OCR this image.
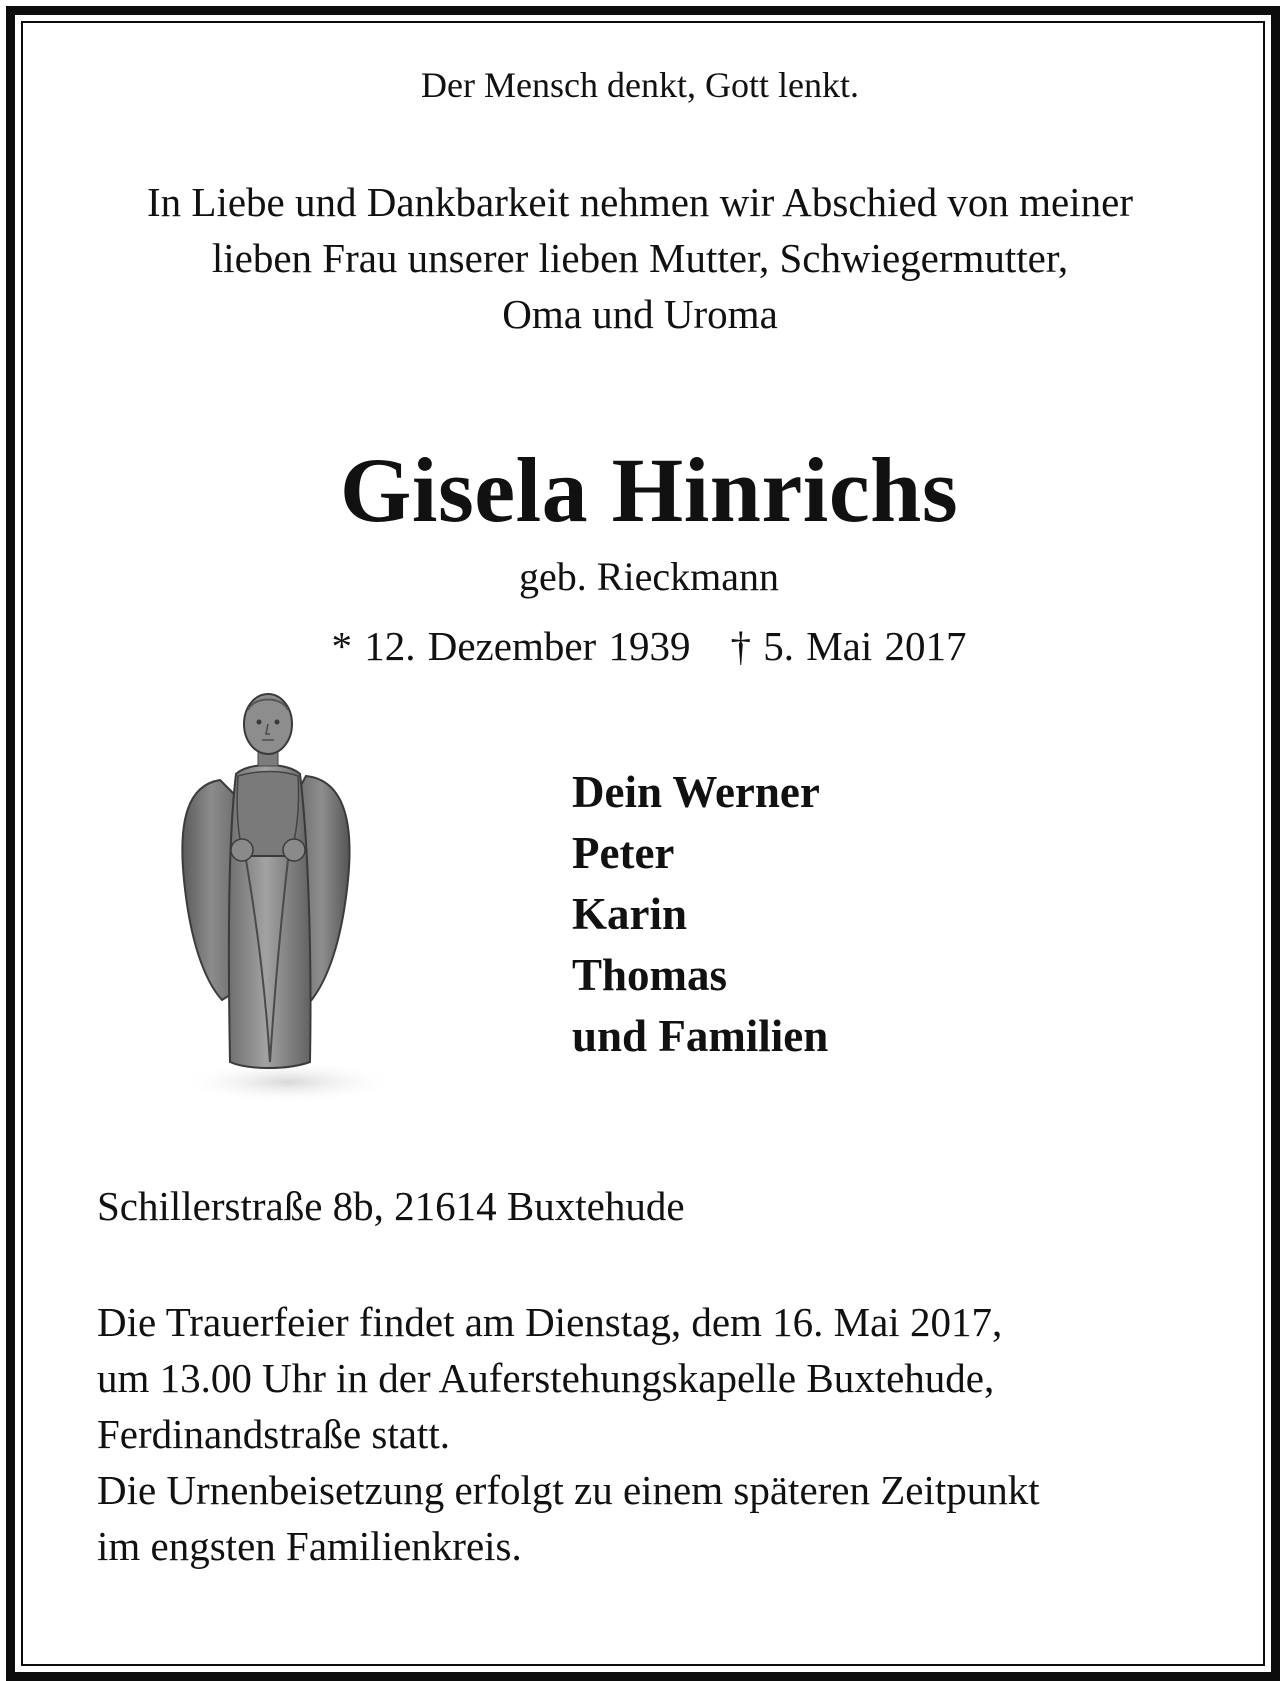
Der Mensch denkt, Gott lenkt.
In Liebe und Dankbarkeit nehmen wir Abschied von meiner
lieben Frau unserer lieben Mutter, Schwiegermutter,
Oma und Uroma
Gisela Hinrichs
geb. Rieckmann
* 12. Dezember 1939 † 5. Mai 2017
Dein Werner
Peter
Karin
Thomas
und Familien
Schillerstraße 8b, 21614 Buxtehude
Die Trauerfeier findet am Dienstag, dem 16. Mai 2017,
um 13.00 Uhr in der Auferstehungskapelle Buxtehude,
Ferdinandstraße statt.
Die Urnenbeisetzung erfolgt zu einem späteren Zeitpunkt
im engsten Familienkreis.
